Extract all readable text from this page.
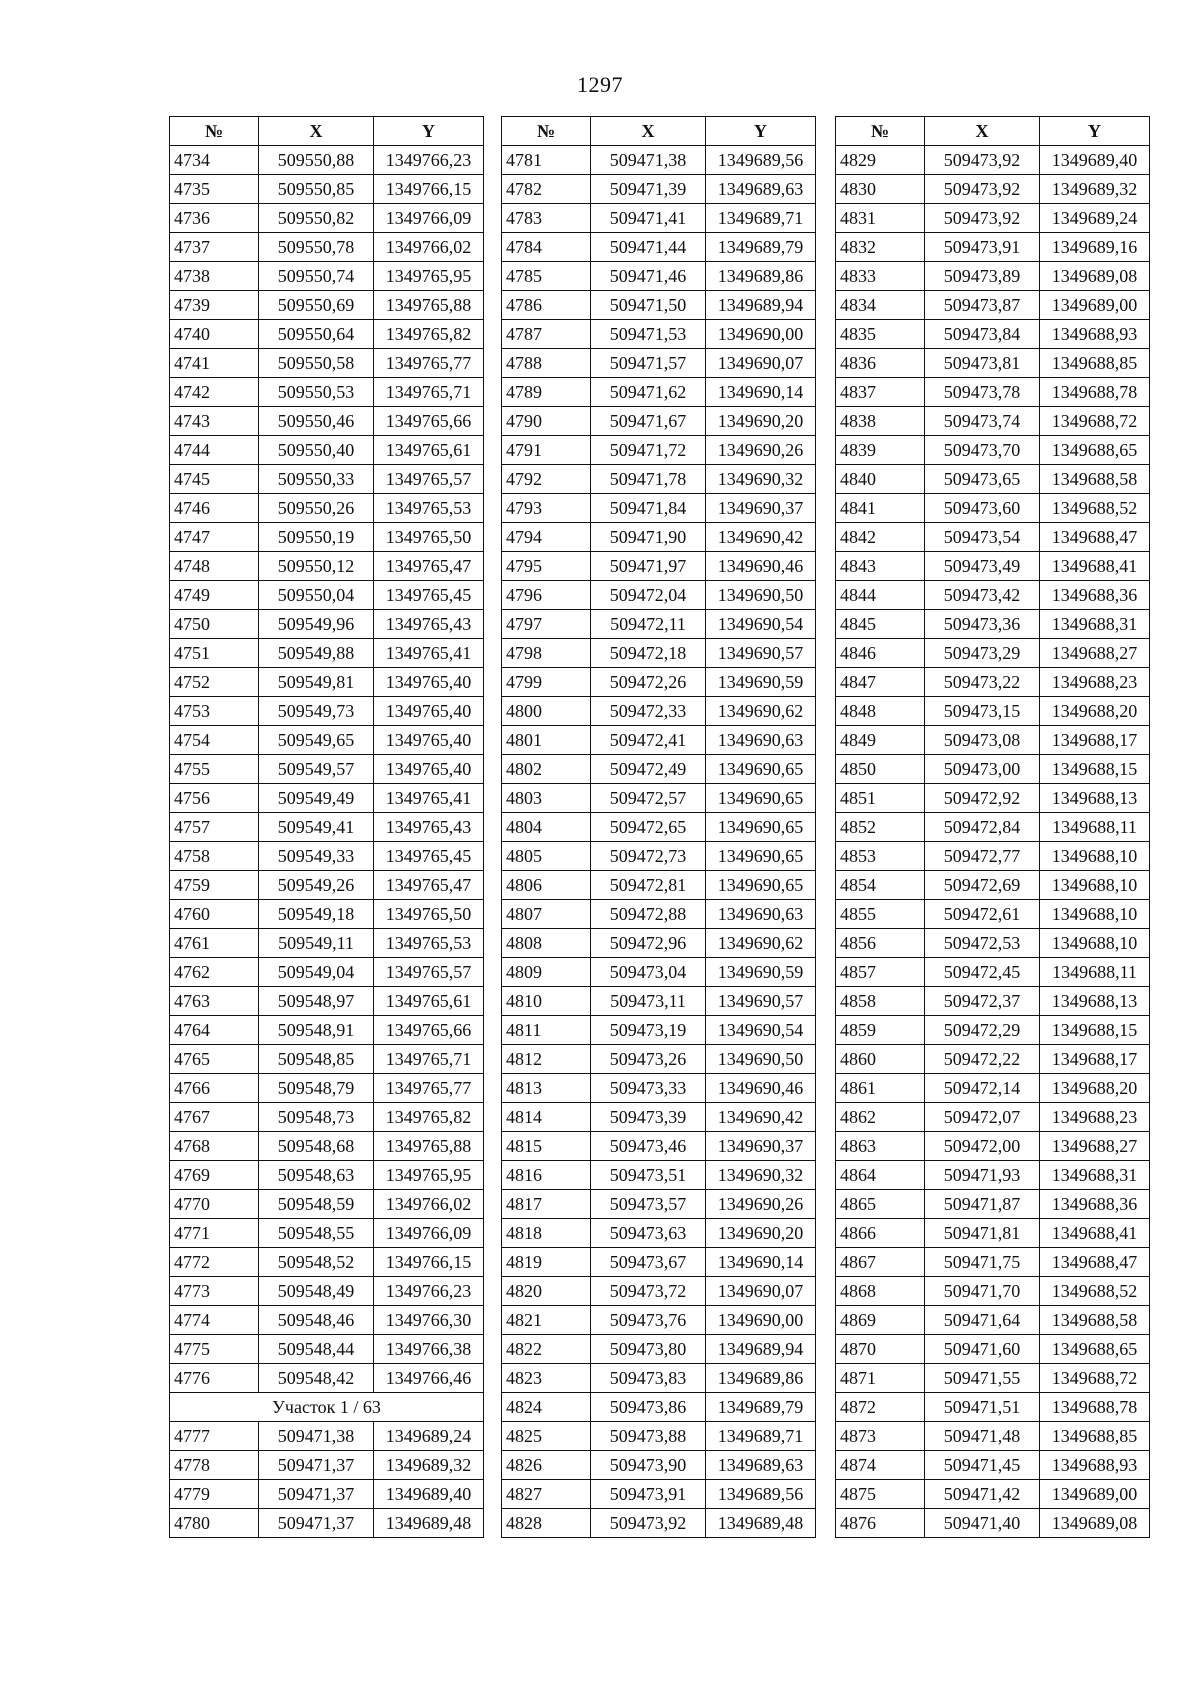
1297
№	X	Y
4734	509550,88	1349766,23
4735	509550,85	1349766,15
4736	509550,82	1349766,09
4737	509550,78	1349766,02
4738	509550,74	1349765,95
4739	509550,69	1349765,88
4740	509550,64	1349765,82
4741	509550,58	1349765,77
4742	509550,53	1349765,71
4743	509550,46	1349765,66
4744	509550,40	1349765,61
4745	509550,33	1349765,57
4746	509550,26	1349765,53
4747	509550,19	1349765,50
4748	509550,12	1349765,47
4749	509550,04	1349765,45
4750	509549,96	1349765,43
4751	509549,88	1349765,41
4752	509549,81	1349765,40
4753	509549,73	1349765,40
4754	509549,65	1349765,40
4755	509549,57	1349765,40
4756	509549,49	1349765,41
4757	509549,41	1349765,43
4758	509549,33	1349765,45
4759	509549,26	1349765,47
4760	509549,18	1349765,50
4761	509549,11	1349765,53
4762	509549,04	1349765,57
4763	509548,97	1349765,61
4764	509548,91	1349765,66
4765	509548,85	1349765,71
4766	509548,79	1349765,77
4767	509548,73	1349765,82
4768	509548,68	1349765,88
4769	509548,63	1349765,95
4770	509548,59	1349766,02
4771	509548,55	1349766,09
4772	509548,52	1349766,15
4773	509548,49	1349766,23
4774	509548,46	1349766,30
4775	509548,44	1349766,38
4776	509548,42	1349766,46
Участок 1 / 63		
4777	509471,38	1349689,24
4778	509471,37	1349689,32
4779	509471,37	1349689,40
4780	509471,37	1349689,48
№	X	Y
4781	509471,38	1349689,56
4782	509471,39	1349689,63
4783	509471,41	1349689,71
4784	509471,44	1349689,79
4785	509471,46	1349689,86
4786	509471,50	1349689,94
4787	509471,53	1349690,00
4788	509471,57	1349690,07
4789	509471,62	1349690,14
4790	509471,67	1349690,20
4791	509471,72	1349690,26
4792	509471,78	1349690,32
4793	509471,84	1349690,37
4794	509471,90	1349690,42
4795	509471,97	1349690,46
4796	509472,04	1349690,50
4797	509472,11	1349690,54
4798	509472,18	1349690,57
4799	509472,26	1349690,59
4800	509472,33	1349690,62
4801	509472,41	1349690,63
4802	509472,49	1349690,65
4803	509472,57	1349690,65
4804	509472,65	1349690,65
4805	509472,73	1349690,65
4806	509472,81	1349690,65
4807	509472,88	1349690,63
4808	509472,96	1349690,62
4809	509473,04	1349690,59
4810	509473,11	1349690,57
4811	509473,19	1349690,54
4812	509473,26	1349690,50
4813	509473,33	1349690,46
4814	509473,39	1349690,42
4815	509473,46	1349690,37
4816	509473,51	1349690,32
4817	509473,57	1349690,26
4818	509473,63	1349690,20
4819	509473,67	1349690,14
4820	509473,72	1349690,07
4821	509473,76	1349690,00
4822	509473,80	1349689,94
4823	509473,83	1349689,86
4824	509473,86	1349689,79
4825	509473,88	1349689,71
4826	509473,90	1349689,63
4827	509473,91	1349689,56
4828	509473,92	1349689,48
№	X	Y
4829	509473,92	1349689,40
4830	509473,92	1349689,32
4831	509473,92	1349689,24
4832	509473,91	1349689,16
4833	509473,89	1349689,08
4834	509473,87	1349689,00
4835	509473,84	1349688,93
4836	509473,81	1349688,85
4837	509473,78	1349688,78
4838	509473,74	1349688,72
4839	509473,70	1349688,65
4840	509473,65	1349688,58
4841	509473,60	1349688,52
4842	509473,54	1349688,47
4843	509473,49	1349688,41
4844	509473,42	1349688,36
4845	509473,36	1349688,31
4846	509473,29	1349688,27
4847	509473,22	1349688,23
4848	509473,15	1349688,20
4849	509473,08	1349688,17
4850	509473,00	1349688,15
4851	509472,92	1349688,13
4852	509472,84	1349688,11
4853	509472,77	1349688,10
4854	509472,69	1349688,10
4855	509472,61	1349688,10
4856	509472,53	1349688,10
4857	509472,45	1349688,11
4858	509472,37	1349688,13
4859	509472,29	1349688,15
4860	509472,22	1349688,17
4861	509472,14	1349688,20
4862	509472,07	1349688,23
4863	509472,00	1349688,27
4864	509471,93	1349688,31
4865	509471,87	1349688,36
4866	509471,81	1349688,41
4867	509471,75	1349688,47
4868	509471,70	1349688,52
4869	509471,64	1349688,58
4870	509471,60	1349688,65
4871	509471,55	1349688,72
4872	509471,51	1349688,78
4873	509471,48	1349688,85
4874	509471,45	1349688,93
4875	509471,42	1349689,00
4876	509471,40	1349689,08
